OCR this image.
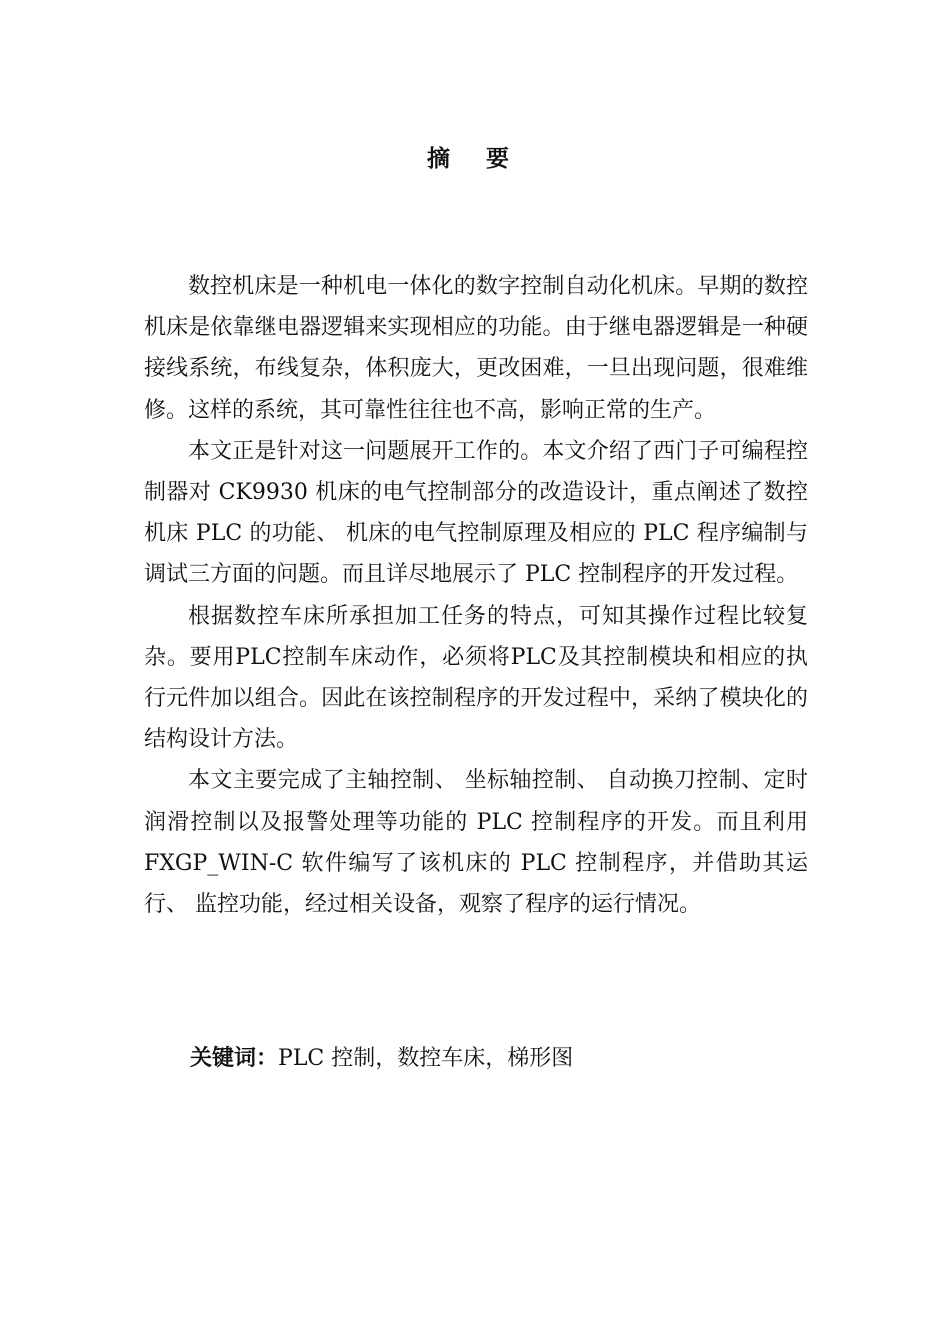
摘 要

数控机床是一种机电一体化的数字控制自动化机床。早期的数控机床是依靠继电器逻辑来实现相应的功能。由于继电器逻辑是一种硬接线系统，布线复杂，体积庞大，更改困难，一旦出现问题，很难维修。这样的系统，其可靠性往往也不高，影响正常的生产。

本文正是针对这一问题展开工作的。本文介绍了西门子可编程控制器对 CK9930 机床的电气控制部分的改造设计，重点阐述了数控机床 PLC 的功能、 机床的电气控制原理及相应的 PLC 程序编制与调试三方面的问题。而且详尽地展示了 PLC 控制程序的开发过程。

根据数控车床所承担加工任务的特点，可知其操作过程比较复杂。要用PLC控制车床动作，必须将PLC及其控制模块和相应的执行元件加以组合。因此在该控制程序的开发过程中，采纳了模块化的结构设计方法。

本文主要完成了主轴控制、 坐标轴控制、 自动换刀控制、定时润滑控制以及报警处理等功能的 PLC 控制程序的开发。而且利用 FXGP_WIN-C 软件编写了该机床的 PLC 控制程序，并借助其运行、 监控功能，经过相关设备，观察了程序的运行情况。

关键词：PLC 控制，数控车床，梯形图
